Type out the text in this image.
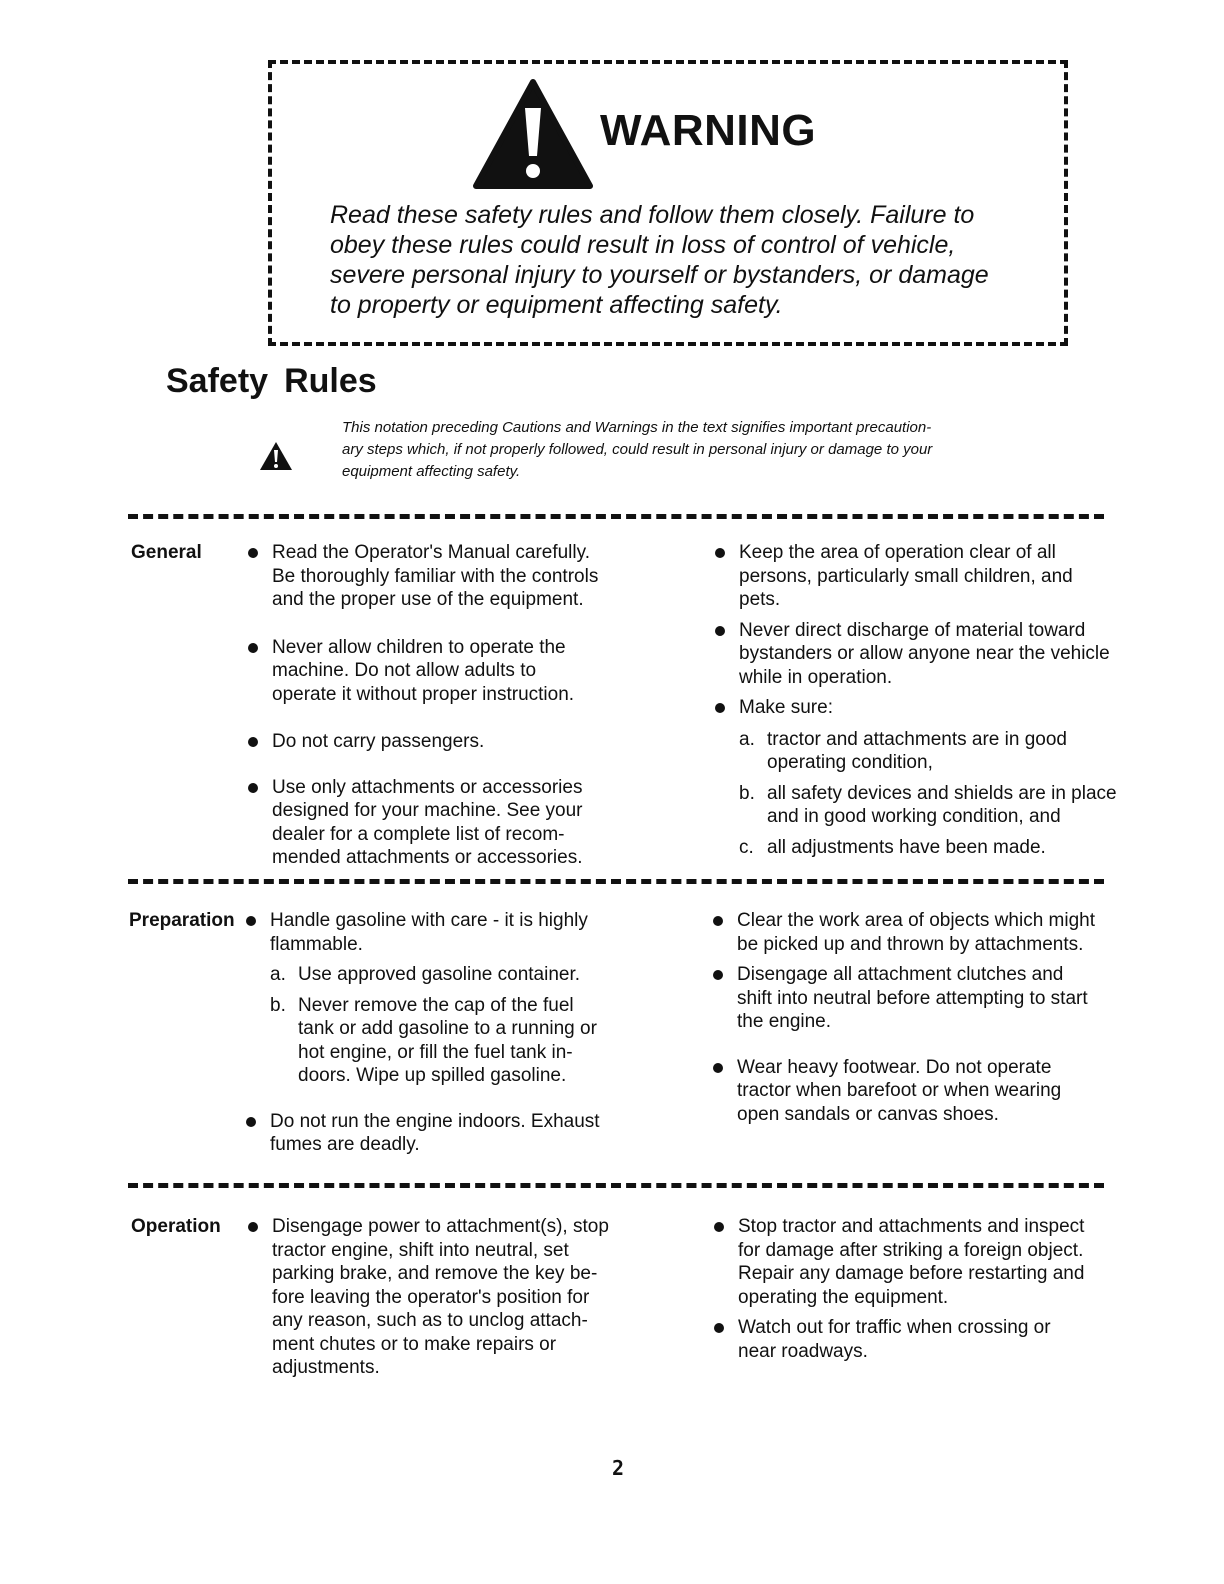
WARNING
Read these safety rules and follow them closely. Failure to
obey these rules could result in loss of control of vehicle,
severe personal injury to yourself or bystanders, or damage
to property or equipment affecting safety.
Safety Rules
This notation preceding Cautions and Warnings in the text signifies important precaution-
ary steps which, if not properly followed, could result in personal injury or damage to your
equipment affecting safety.
General	Read the Operator's Manual carefully.
Be thoroughly familiar with the controls
and the proper use of the equipment.
Never allow children to operate the
machine. Do not allow adults to
operate it without proper instruction.
Do not carry passengers.
Use only attachments or accessories
designed for your machine. See your
dealer for a complete list of recom-
mended attachments or accessories.
Keep the area of operation clear of all
persons, particularly small children, and
pets.
Never direct discharge of material toward
bystanders or allow anyone near the vehicle
while in operation.
Make sure:
a. tractor and attachments are in good
operating condition,
b. all safety devices and shields are in place
and in good working condition, and
c. all adjustments have been made.
Preparation Handle gasoline with care - it is highly
flammable.
a. Use approved gasoline container.
b. Never remove the cap of the fuel
tank or add gasoline to a running or
hot engine, or fill the fuel tank in-
doors. Wipe up spilled gasoline.
Do not run the engine indoors. Exhaust
fumes are deadly.
Clear the work area of objects which might
be picked up and thrown by attachments.
Disengage all attachment clutches and
shift into neutral before attempting to start
the engine.
Wear heavy footwear. Do not operate
tractor when barefoot or when wearing
open sandals or canvas shoes.
Operation	Disengage power to attachment(s), stop
tractor engine, shift into neutral, set
parking brake, and remove the key be-
fore leaving the operator's position for
any reason, such as to unclog attach-
ment chutes or to make repairs or
adjustments.
Stop tractor and attachments and inspect
for damage after striking a foreign object.
Repair any damage before restarting and
operating the equipment.
Watch out for traffic when crossing or
near roadways.
2
